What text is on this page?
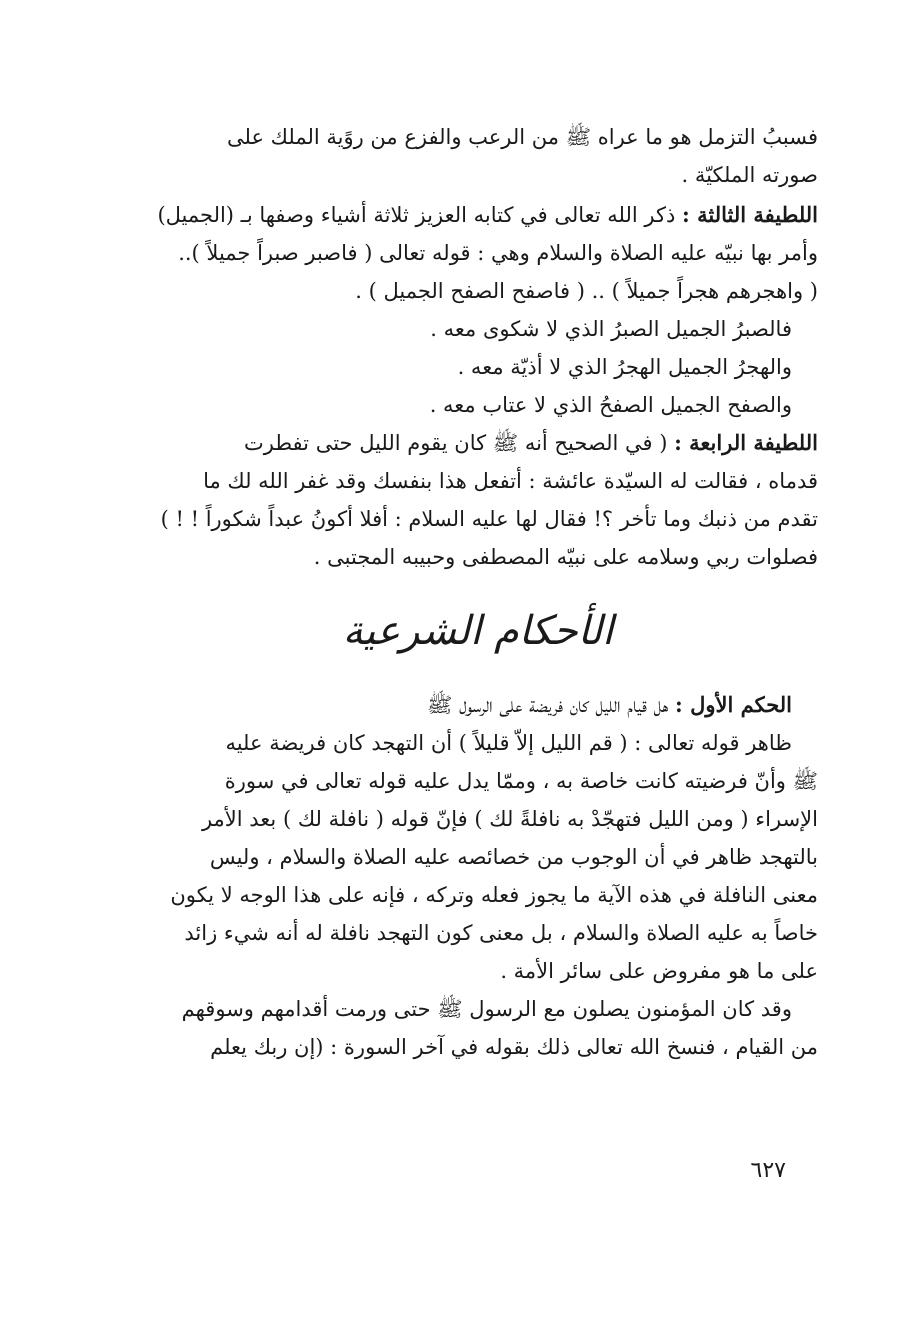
فسببُ التزمل هو ما عراه ﷺ من الرعب والفزع من روًية الملك على
صورته الملكيّة .
اللطيفة الثالثة : ذكر الله تعالى في كتابه العزيز ثلاثة أشياء وصفها بـ (الجميل)
وأمر بها نبيّه عليه الصلاة والسلام وهي : قوله تعالى ( فاصبر صبراً جميلاً )..
( واهجرهم هجراً جميلاً ) .. ( فاصفح الصفح الجميل ) .
فالصبرُ الجميل الصبرُ الذي لا شكوى معه .
والهجرُ الجميل الهجرُ الذي لا أذيّة معه .
والصفح الجميل الصفحُ الذي لا عتاب معه .
اللطيفة الرابعة : ( في الصحيح أنه ﷺ كان يقوم الليل حتى تفطرت
قدماه ، فقالت له السيّدة عائشة : أتفعل هذا بنفسك وقد غفر الله لك ما
تقدم من ذنبك وما تأخر ؟! فقال لها عليه السلام : أفلا أكونُ عبداً شكوراً ! ! )
فصلوات ربي وسلامه على نبيّه المصطفى وحبيبه المجتبى .
الأحكام الشرعية
الحكم الأول : هل قيام الليل كان فريضة على الرسول ﷺ
ظاهر قوله تعالى : ( قم الليل إلاّ قليلاً ) أن التهجد كان فريضة عليه
ﷺ وأنّ فرضيته كانت خاصة به ، وممّا يدل عليه قوله تعالى في سورة
الإسراء ( ومن الليل فتهجّدْ به نافلةً لك ) فإنّ قوله ( نافلة لك ) بعد الأمر
بالتهجد ظاهر في أن الوجوب من خصائصه عليه الصلاة والسلام ، وليس
معنى النافلة في هذه الآية ما يجوز فعله وتركه ، فإنه على هذا الوجه لا يكون
خاصاً به عليه الصلاة والسلام ، بل معنى كون التهجد نافلة له أنه شيء زائد
على ما هو مفروض على سائر الأمة .
وقد كان المؤمنون يصلون مع الرسول ﷺ حتى ورمت أقدامهم وسوقهم
من القيام ، فنسخ الله تعالى ذلك بقوله في آخر السورة : (إن ربك يعلم
٦٢٧
